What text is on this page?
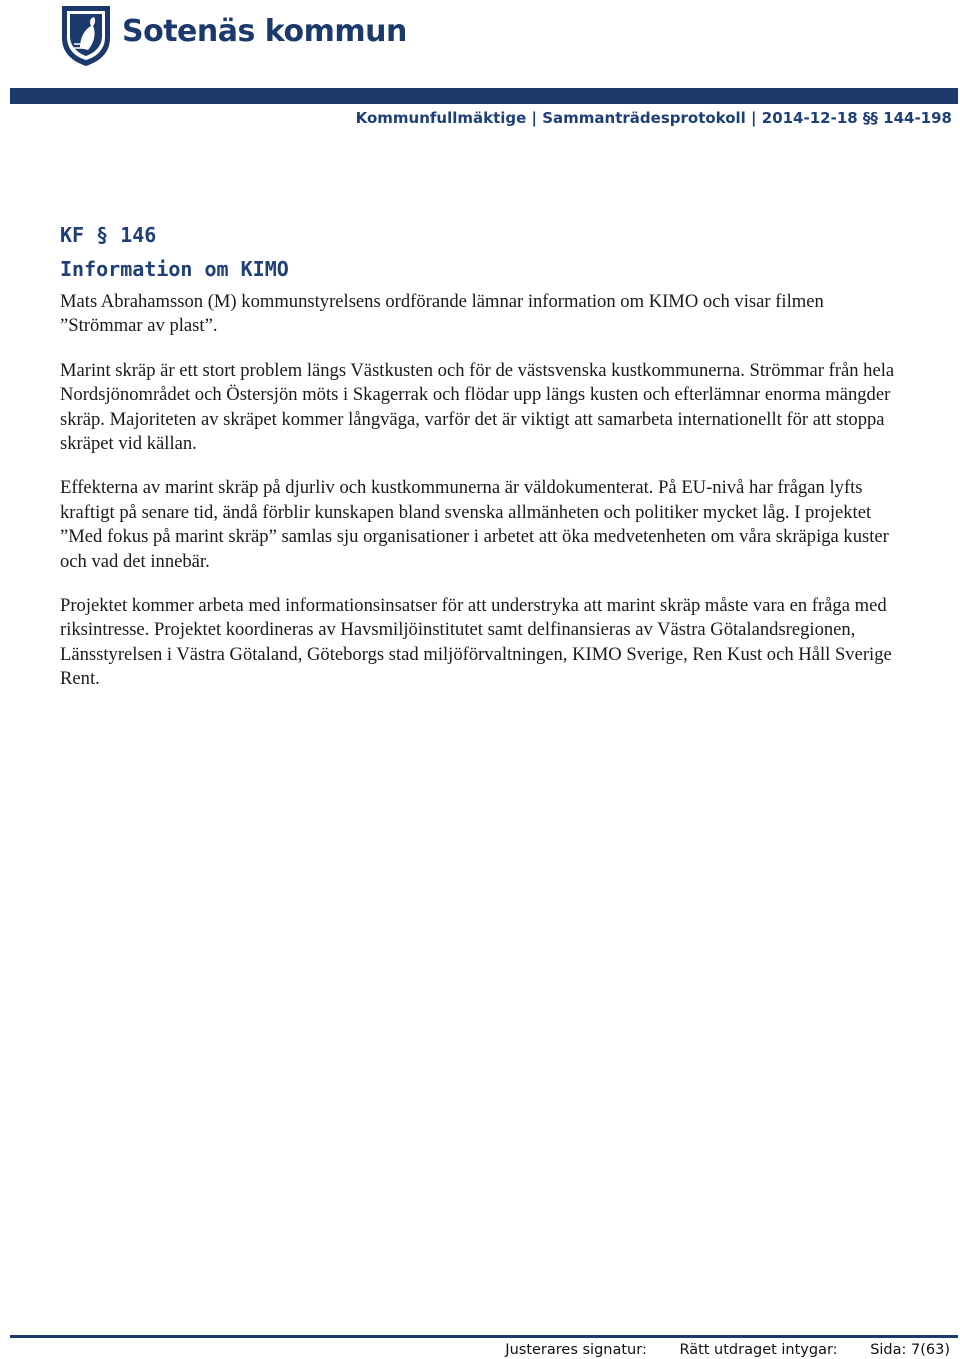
Sotenäs kommun
Kommunfullmäktige | Sammanträdesprotokoll | 2014-12-18 §§ 144-198
KF § 146
Information om KIMO

Mats Abrahamsson (M) kommunstyrelsens ordförande lämnar information om KIMO och visar filmen ”Strömmar av plast”.

Marint skräp är ett stort problem längs Västkusten och för de västsvenska kustkommunerna. Strömmar från hela Nordsjönområdet och Östersjön möts i Skagerrak och flödar upp längs kusten och efterlämnar enorma mängder skräp. Majoriteten av skräpet kommer långväga, varför det är viktigt att samarbeta internationellt för att stoppa skräpet vid källan.

Effekterna av marint skräp på djurliv och kustkommunerna är väldokumenterat. På EU-nivå har frågan lyfts kraftigt på senare tid, ändå förblir kunskapen bland svenska allmänheten och politiker mycket låg. I projektet ”Med fokus på marint skräp” samlas sju organisationer i arbetet att öka medvetenheten om våra skräpiga kuster och vad det innebär.

Projektet kommer arbeta med informationsinsatser för att understryka att marint skräp måste vara en fråga med riksintresse. Projektet koordineras av Havsmiljöinstitutet samt delfinansieras av Västra Götalandsregionen, Länsstyrelsen i Västra Götaland, Göteborgs stad miljöförvaltningen, KIMO Sverige, Ren Kust och Håll Sverige Rent.

Justerares signatur: Rätt utdraget intygar: Sida: 7(63)
